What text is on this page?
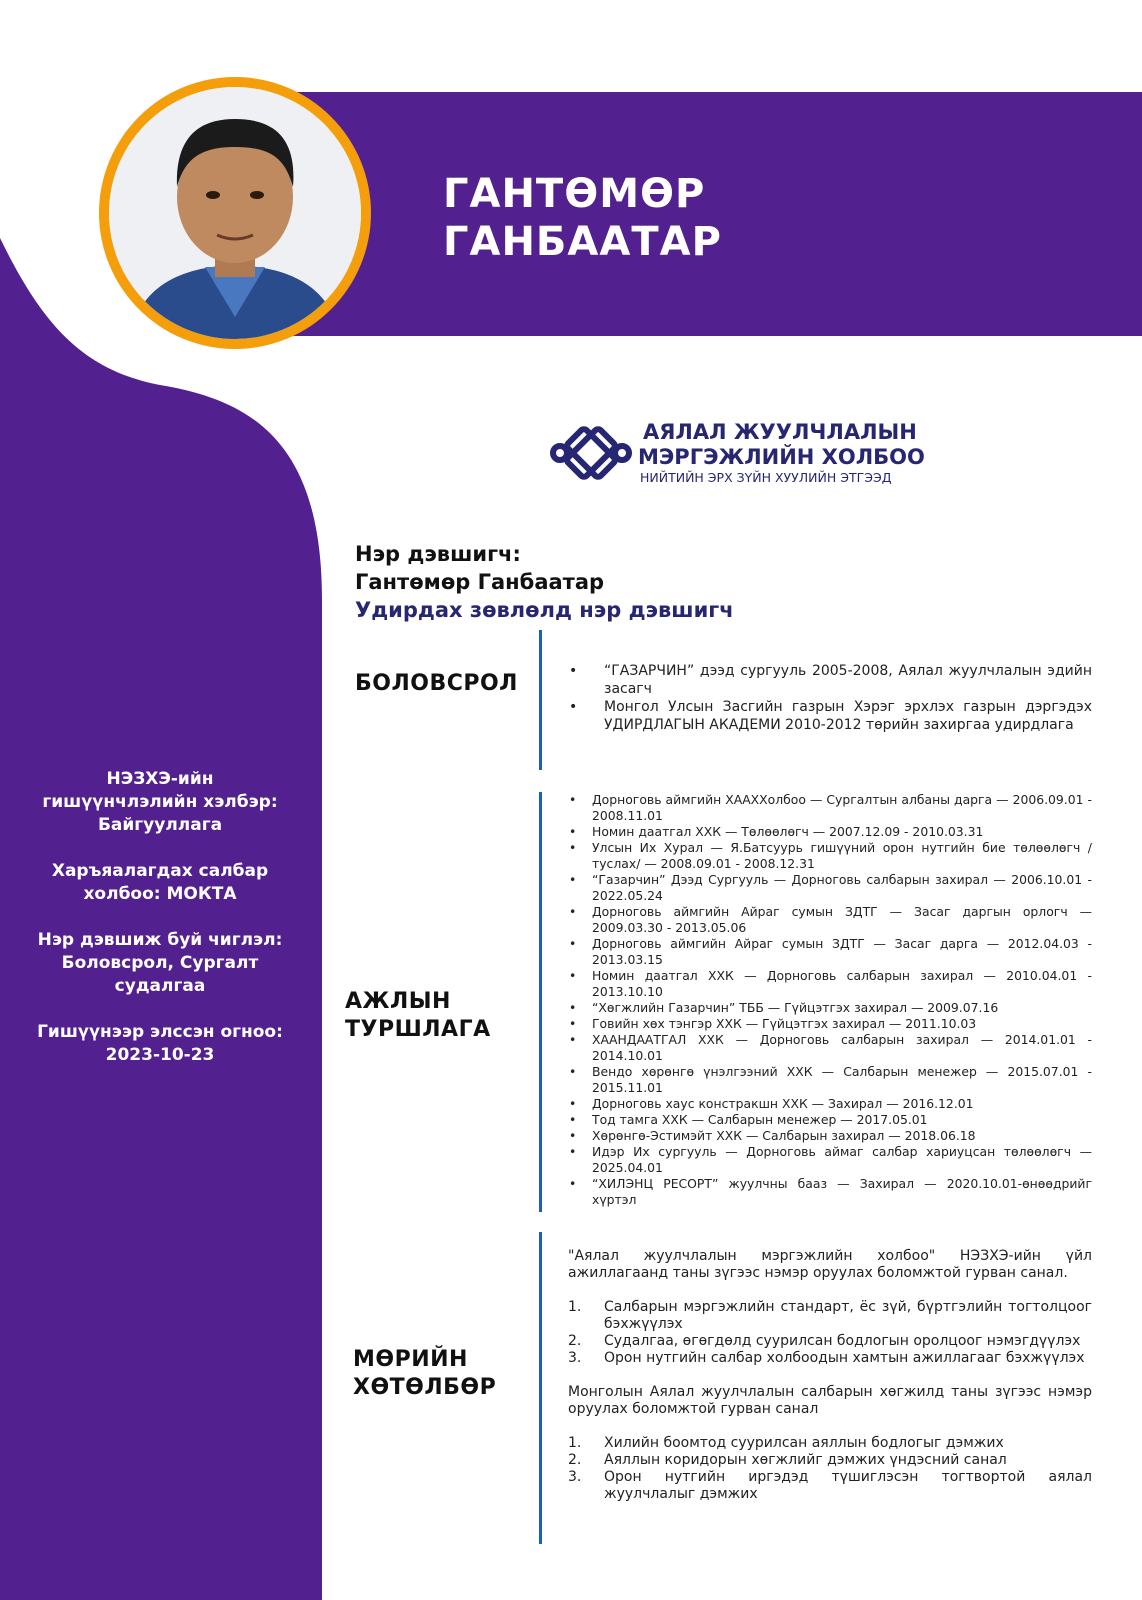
ГАНТӨМӨР
ГАНБААТАР
АЯЛАЛ ЖУУЛЧЛАЛЫН
МЭРГЭЖЛИЙН ХОЛБОО
НИЙТИЙН ЭРХ ЗҮЙН ХУУЛИЙН ЭТГЭЭД
Нэр дэвшигч:
Гантөмөр Ганбаатар
Удирдах зөвлөлд нэр дэвшигч

НЭЗХЭ-ийн гишүүнчлэлийн хэлбэр: Байгууллага

Харъяалагдах салбар холбоо: МОКТА

Нэр дэвшиж буй чиглэл: Боловсрол, Сургалт судалгаа

Гишүүнээр элссэн огноо: 2023-10-23

БОЛОВСРОЛ
•	“ГАЗАРЧИН” дээд сургууль 2005-2008, Аялал жуулчлалын эдийн засагч
• Монгол Улсын Засгийн газрын Хэрэг эрхлэх газрын дэргэдэх УДИРДЛАГЫН АКАДЕМИ 2010-2012 төрийн захиргаа удирдлага
АЖЛЫН
ТУРШЛАГА
• Дорноговь аймгийн ХААХХолбоо — Сургалтын албаны дарга — 2006.09.01 - 2008.11.01
• Номин даатгал ХХК — Төлөөлөгч — 2007.12.09 - 2010.03.31
• Улсын Их Хурал — Я.Батсуурь гишүүний орон нутгийн бие төлөөлөгч /туслах/ — 2008.09.01 - 2008.12.31
• “Газарчин” Дээд Сургууль — Дорноговь салбарын захирал — 2006.10.01 - 2022.05.24
• Дорноговь аймгийн Айраг сумын ЗДТГ — Засаг даргын орлогч — 2009.03.30 - 2013.05.06
• Дорноговь аймгийн Айраг сумын ЗДТГ — Засаг дарга — 2012.04.03 - 2013.03.15
• Номин даатгал ХХК — Дорноговь салбарын захирал — 2010.04.01 - 2013.10.10
• “Хөгжлийн Газарчин” ТББ — Гүйцэтгэх захирал — 2009.07.16
• Говийн хөх тэнгэр ХХК — Гүйцэтгэх захирал — 2011.10.03
• ХААНДААТГАЛ ХХК — Дорноговь салбарын захирал — 2014.01.01 - 2014.10.01
• Вендо хөрөнгө үнэлгээний ХХК — Салбарын менежер — 2015.07.01 - 2015.11.01
• Дорноговь хаус констракшн ХХК — Захирал — 2016.12.01
• Тод тамга ХХК — Салбарын менежер — 2017.05.01
• Хөрөнгө-Эстимэйт ХХК — Салбарын захирал — 2018.06.18
• Идэр Их сургууль — Дорноговь аймаг салбар хариуцсан төлөөлөгч — 2025.04.01
• “ХИЛЭНЦ РЕСОРТ” жуулчны бааз — Захирал — 2020.10.01-өнөөдрийг хүртэл
МӨРИЙН
ХӨТӨЛБӨР

"Аялал жуулчлалын мэргэжлийн холбоо" НЭЗХЭ-ийн үйл ажиллагаанд таны зүгээс нэмэр оруулах боломжтой гурван санал.

1. Салбарын мэргэжлийн стандарт, ёс зүй, бүртгэлийн тогтолцоог бэхжүүлэх
2. Судалгаа, өгөгдөлд суурилсан бодлогын оролцоог нэмэгдүүлэх
3. Орон нутгийн салбар холбоодын хамтын ажиллагааг бэхжүүлэх

Монголын Аялал жуулчлалын салбарын хөгжилд таны зүгээс нэмэр оруулах боломжтой гурван санал

1. Хилийн боомтод суурилсан аяллын бодлогыг дэмжих
2. Аяллын коридорын хөгжлийг дэмжих үндэсний санал
3. Орон нутгийн иргэдэд түшиглэсэн тогтвортой аялал жуулчлалыг дэмжих
